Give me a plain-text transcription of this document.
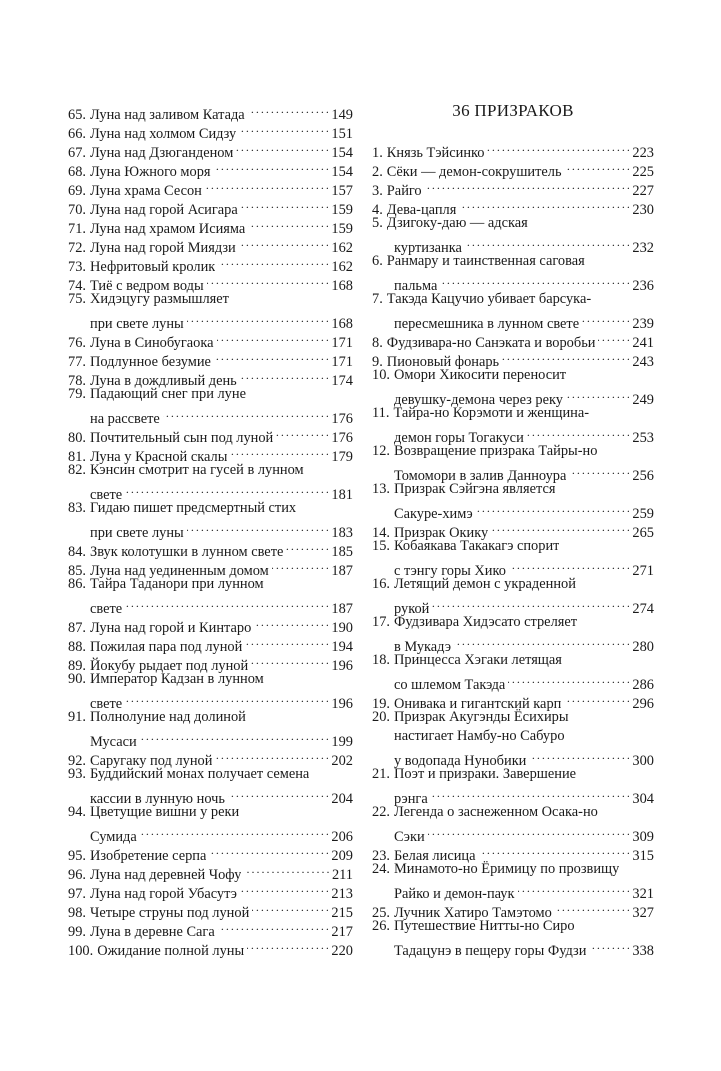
65. Луна над заливом Катада . . .	149
66. Луна над холмом Сидзу . . .	151
67. Луна над Дзюганденом . . .	154
68. Луна Южного моря . . .	154
69. Луна храма Сесон . . .	157
70. Луна над горой Асигара . . .	159
71. Луна над храмом Исияма . . .	159
72. Луна над горой Миядзи . . .	162
73. Нефритовый кролик . . .	162
74. Тиё с ведром воды . . .	168
75. Хидэцугу размышляет
при свете луны . . .	168
76. Луна в Синобугаока . . .	171
77. Подлунное безумие . . .	171
78. Луна в дождливый день . . .	174
79. Падающий снег при луне
на рассвете . . .	176
80. Почтительный сын под луной . . .	176
81. Луна у Красной скалы . . .	179
82. Кэнсин смотрит на гусей в лунном
свете . . .	181
83. Гидаю пишет предсмертный стих
при свете луны . . .	183
84. Звук колотушки в лунном свете . . .	185
85. Луна над уединенным домом . . .	187
86. Тайра Таданори при лунном
свете . . .	187
87. Луна над горой и Кинтаро . . .	190
88. Пожилая пара под луной . . .	194
89. Йокубу рыдает под луной . . .	196
90. Император Кадзан в лунном
свете . . .	196
91. Полнолуние над долиной
Мусаси . . .	199
92. Саругаку под луной . . .	202
93. Буддийский монах получает семена
кассии в лунную ночь . . .	204
94. Цветущие вишни у реки
Сумида . . .	206
95. Изобретение серпа . . .	209
96. Луна над деревней Чофу . . .	211
97. Луна над горой Убасутэ . . .	213
98. Четыре струны под луной . . .	215
99. Луна в деревне Сага . . .	217
100. Ожидание полной луны . . .	220
36 ПРИЗРАКОВ
1. Князь Тэйсинко . . .	223
2. Сёки — демон-сокрушитель . . .	225
3. Райго . . .	227
4. Дева-цапля . . .	230
5. Дзигоку-даю — адская
куртизанка . . .	232
6. Ранмару и таинственная саговая
пальма . . .	236
7. Такэда Кацучио убивает барсука-
пересмешника в лунном свете . . .	239
8. Фудзивара-но Санэката и воробьи . . .	241
9. Пионовый фонарь . . .	243
10. Омори Хикосити переносит
девушку-демона через реку . . .	249
11. Тайра-но Корэмоти и женщина-
демон горы Тогакуси . . .	253
12. Возвращение призрака Тайры-но
Томомори в залив Данноура . . .	256
13. Призрак Сэйгэна является
Сакуре-химэ . . .	259
14. Призрак Окику . . .	265
15. Кобаякава Такакагэ спорит
с тэнгу горы Хико . . .	271
16. Летящий демон с украденной
рукой . . .	274
17. Фудзивара Хидэсато стреляет
в Мукадэ . . .	280
18. Принцесса Хэгаки летящая
со шлемом Такэда . . .	286
19. Онивака и гигантский карп . . .	296
20. Призрак Акугэнды Ёсихиры
настигает Намбу-но Сабуро
у водопада Нунобики . . .	300
21. Поэт и призраки. Завершение
рэнга . . .	304
22. Легенда о заснеженном Осака-но
Сэки . . .	309
23. Белая лисица . . .	315
24. Минамото-но Ёримицу по прозвищу
Райко и демон-паук . . .	321
25. Лучник Хатиро Тамэтомо . . .	327
26. Путешествие Нитты-но Сиро
Тадацунэ в пещеру горы Фудзи . . .	338
